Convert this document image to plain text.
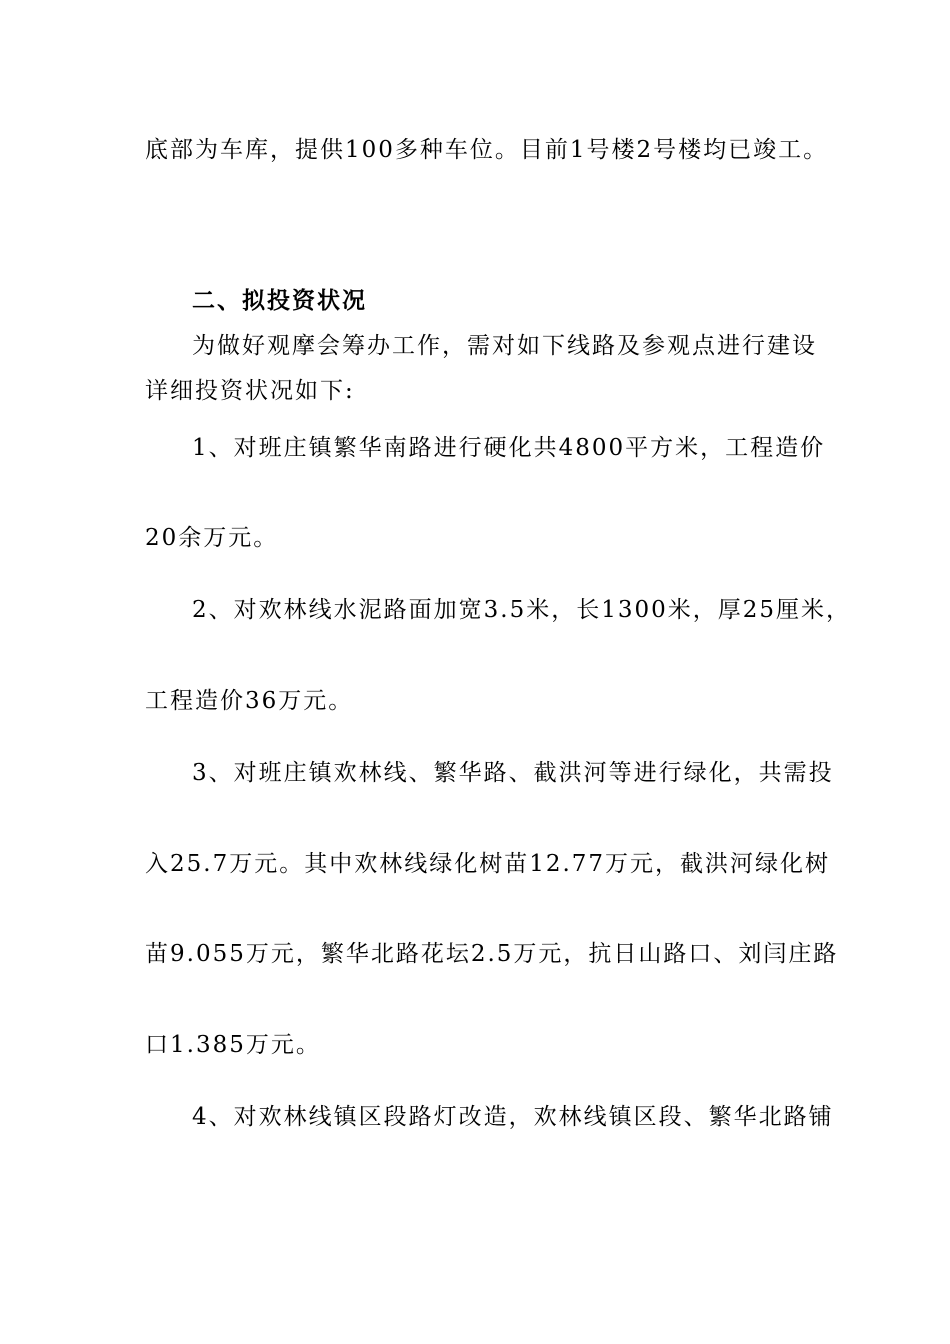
底部为车库，提供100多种车位。目前1号楼2号楼均已竣工。
二、拟投资状况
为做好观摩会筹办工作，需对如下线路及参观点进行建设
详细投资状况如下:
1、对班庄镇繁华南路进行硬化共4800平方米，工程造价
20余万元。
2、对欢林线水泥路面加宽3.5米，长1300米，厚25厘米，
工程造价36万元。
3、对班庄镇欢林线、繁华路、截洪河等进行绿化，共需投
入25.7万元。其中欢林线绿化树苗12.77万元，截洪河绿化树
苗9.055万元，繁华北路花坛2.5万元，抗日山路口、刘闫庄路
口1.385万元。
4、对欢林线镇区段路灯改造，欢林线镇区段、繁华北路铺
